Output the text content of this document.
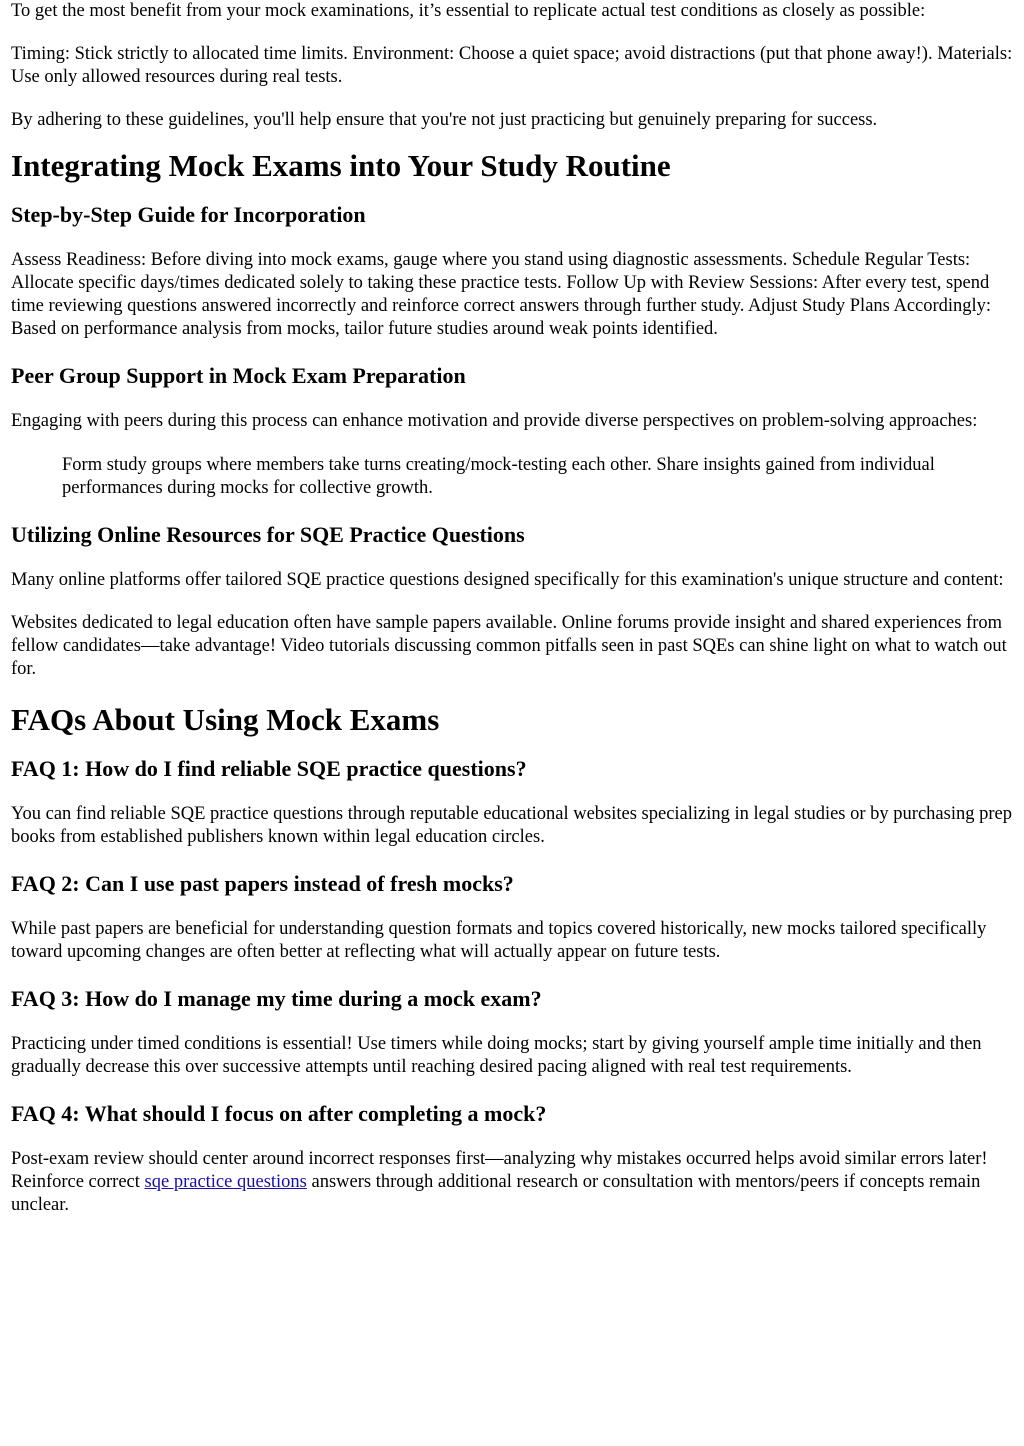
To get the most benefit from your mock examinations, it’s essential to replicate actual test conditions as closely as possible:

Timing: Stick strictly to allocated time limits. Environment: Choose a quiet space; avoid distractions (put that phone away!). Materials: Use only allowed resources during real tests.

By adhering to these guidelines, you'll help ensure that you're not just practicing but genuinely preparing for success.

Integrating Mock Exams into Your Study Routine
Step-by-Step Guide for Incorporation

Assess Readiness: Before diving into mock exams, gauge where you stand using diagnostic assessments. Schedule Regular Tests: Allocate specific days/times dedicated solely to taking these practice tests. Follow Up with Review Sessions: After every test, spend time reviewing questions answered incorrectly and reinforce correct answers through further study. Adjust Study Plans Accordingly: Based on performance analysis from mocks, tailor future studies around weak points identified.

Peer Group Support in Mock Exam Preparation

Engaging with peers during this process can enhance motivation and provide diverse perspectives on problem-solving approaches:

Form study groups where members take turns creating/mock-testing each other. Share insights gained from individual performances during mocks for collective growth.
Utilizing Online Resources for SQE Practice Questions

Many online platforms offer tailored SQE practice questions designed specifically for this examination's unique structure and content:

Websites dedicated to legal education often have sample papers available. Online forums provide insight and shared experiences from fellow candidates—take advantage! Video tutorials discussing common pitfalls seen in past SQEs can shine light on what to watch out for.

FAQs About Using Mock Exams
FAQ 1: How do I find reliable SQE practice questions?

You can find reliable SQE practice questions through reputable educational websites specializing in legal studies or by purchasing prep books from established publishers known within legal education circles.

FAQ 2: Can I use past papers instead of fresh mocks?

While past papers are beneficial for understanding question formats and topics covered historically, new mocks tailored specifically toward upcoming changes are often better at reflecting what will actually appear on future tests.

FAQ 3: How do I manage my time during a mock exam?

Practicing under timed conditions is essential! Use timers while doing mocks; start by giving yourself ample time initially and then gradually decrease this over successive attempts until reaching desired pacing aligned with real test requirements.

FAQ 4: What should I focus on after completing a mock?

Post-exam review should center around incorrect responses first—analyzing why mistakes occurred helps avoid similar errors later! Reinforce correct sqe practice questions answers through additional research or consultation with mentors/peers if concepts remain unclear.
